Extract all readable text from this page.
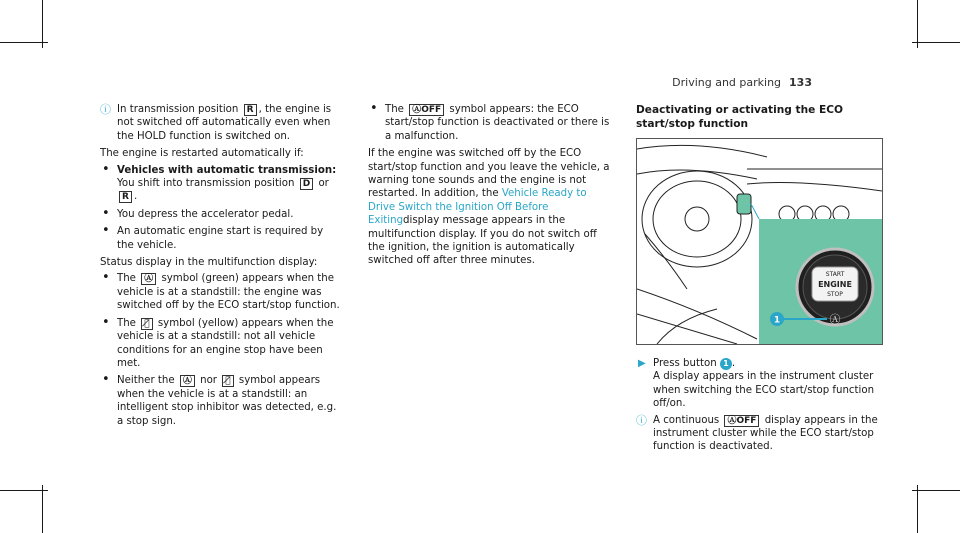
Driving and parking 133
ⓘ In transmission position R , the engine is not switched off automatically even when the HOLD function is switched on.

The engine is restarted automatically if:

• Vehicles with automatic transmission:
You shift into transmission position D or
R .
• You depress the accelerator pedal.
• An automatic engine start is required by the vehicle.

Status display in the multifunction display:

• The Ⓐ symbol (green) appears when the vehicle is at a standstill: the engine was switched off by the ECO start/stop function.
• The Ⓐ̸ symbol (yellow) appears when the vehicle is at a standstill: not all vehicle conditions for an engine stop have been met.
• Neither the Ⓐ nor Ⓐ̸ symbol appears when the vehicle is at a standstill: an intelligent stop inhibitor was detected, e.g. a stop sign.
• The ⒶOFF symbol appears: the ECO start/stop function is deactivated or there is a malfunction.

If the engine was switched off by the ECO start/stop function and you leave the vehicle, a warning tone sounds and the engine is not restarted. In addition, the Vehicle Ready to Drive Switch the Ignition Off Before Exitingdisplay message appears in the multifunction display. If you do not switch off the ignition, the ignition is automatically switched off after three minutes.

Deactivating or activating the ECO start/stop function
START
ENGINE
STOP
Ⓐ
1
▶ Press button 1 .
A display appears in the instrument cluster when switching the ECO start/stop function off/on.
ⓘ A continuous ⒶOFF display appears in the instrument cluster while the ECO start/stop function is deactivated.
